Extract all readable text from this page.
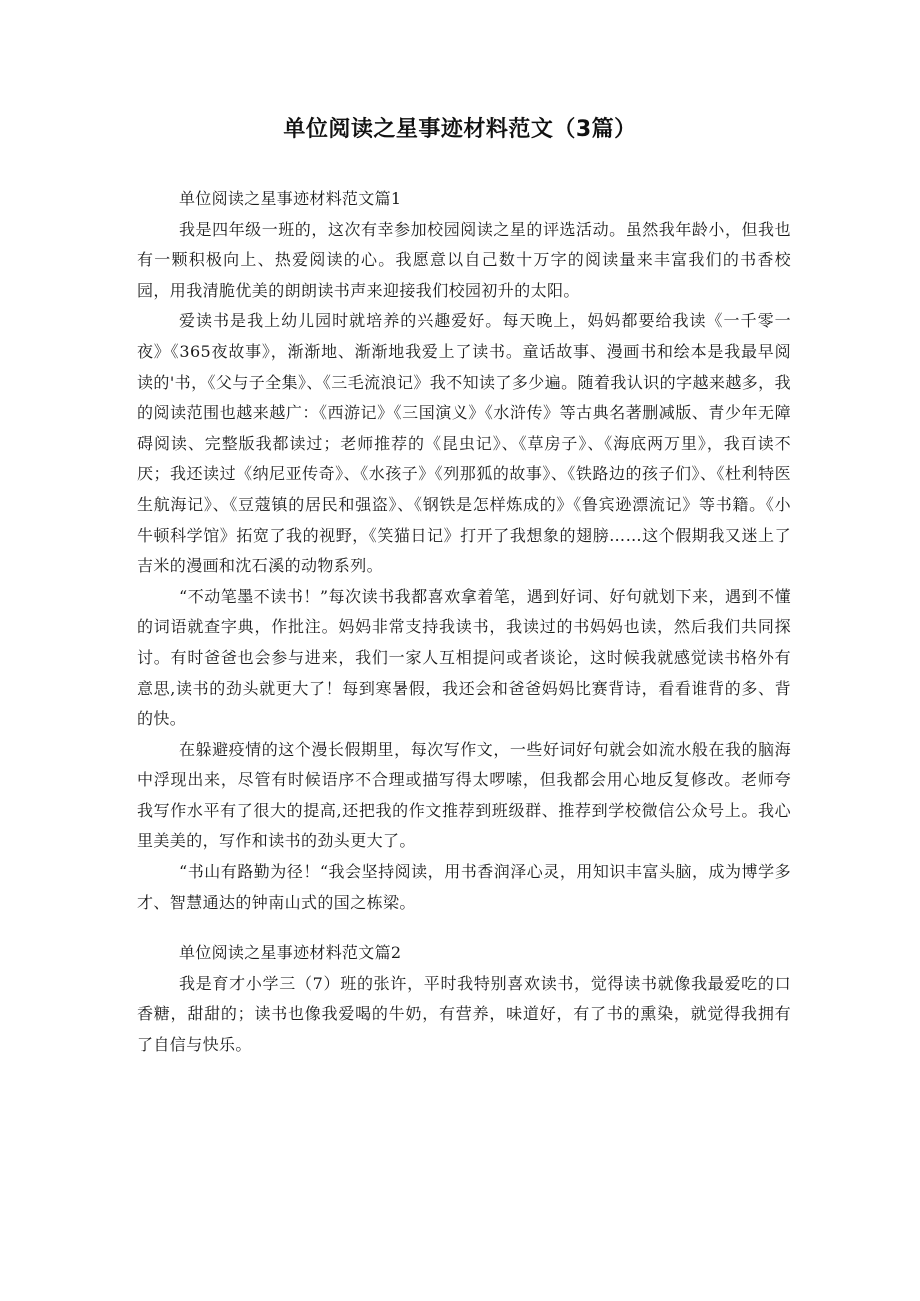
单位阅读之星事迹材料范文（3篇）

单位阅读之星事迹材料范文篇1

我是四年级一班的，这次有幸参加校园阅读之星的评选活动。虽然我年龄小，但我也有一颗积极向上、热爱阅读的心。我愿意以自己数十万字的阅读量来丰富我们的书香校园，用我清脆优美的朗朗读书声来迎接我们校园初升的太阳。

爱读书是我上幼儿园时就培养的兴趣爱好。每天晚上，妈妈都要给我读《一千零一夜》《365夜故事》，渐渐地、渐渐地我爱上了读书。童话故事、漫画书和绘本是我最早阅读的'书，《父与子全集》、《三毛流浪记》我不知读了多少遍。随着我认识的字越来越多，我的阅读范围也越来越广：《西游记》《三国演义》《水浒传》等古典名著删减版、青少年无障碍阅读、完整版我都读过；老师推荐的《昆虫记》、《草房子》、《海底两万里》，我百读不厌；我还读过《纳尼亚传奇》、《水孩子》《列那狐的故事》、《铁路边的孩子们》、《杜利特医生航海记》、《豆蔻镇的居民和强盗》、《钢铁是怎样炼成的》《鲁宾逊漂流记》等书籍。《小牛顿科学馆》拓宽了我的视野，《笑猫日记》打开了我想象的翅膀……这个假期我又迷上了吉米的漫画和沈石溪的动物系列。

“不动笔墨不读书！”每次读书我都喜欢拿着笔，遇到好词、好句就划下来，遇到不懂的词语就查字典，作批注。妈妈非常支持我读书，我读过的书妈妈也读，然后我们共同探讨。有时爸爸也会参与进来，我们一家人互相提问或者谈论，这时候我就感觉读书格外有意思,读书的劲头就更大了！每到寒暑假，我还会和爸爸妈妈比赛背诗，看看谁背的多、背的快。

在躲避疫情的这个漫长假期里，每次写作文，一些好词好句就会如流水般在我的脑海中浮现出来，尽管有时候语序不合理或描写得太啰嗦，但我都会用心地反复修改。老师夸我写作水平有了很大的提高,还把我的作文推荐到班级群、推荐到学校微信公众号上。我心里美美的，写作和读书的劲头更大了。

“书山有路勤为径！“我会坚持阅读，用书香润泽心灵，用知识丰富头脑，成为博学多才、智慧通达的钟南山式的国之栋梁。

单位阅读之星事迹材料范文篇2

我是育才小学三（7）班的张许，平时我特别喜欢读书，觉得读书就像我最爱吃的口香糖，甜甜的；读书也像我爱喝的牛奶，有营养，味道好，有了书的熏染，就觉得我拥有了自信与快乐。
